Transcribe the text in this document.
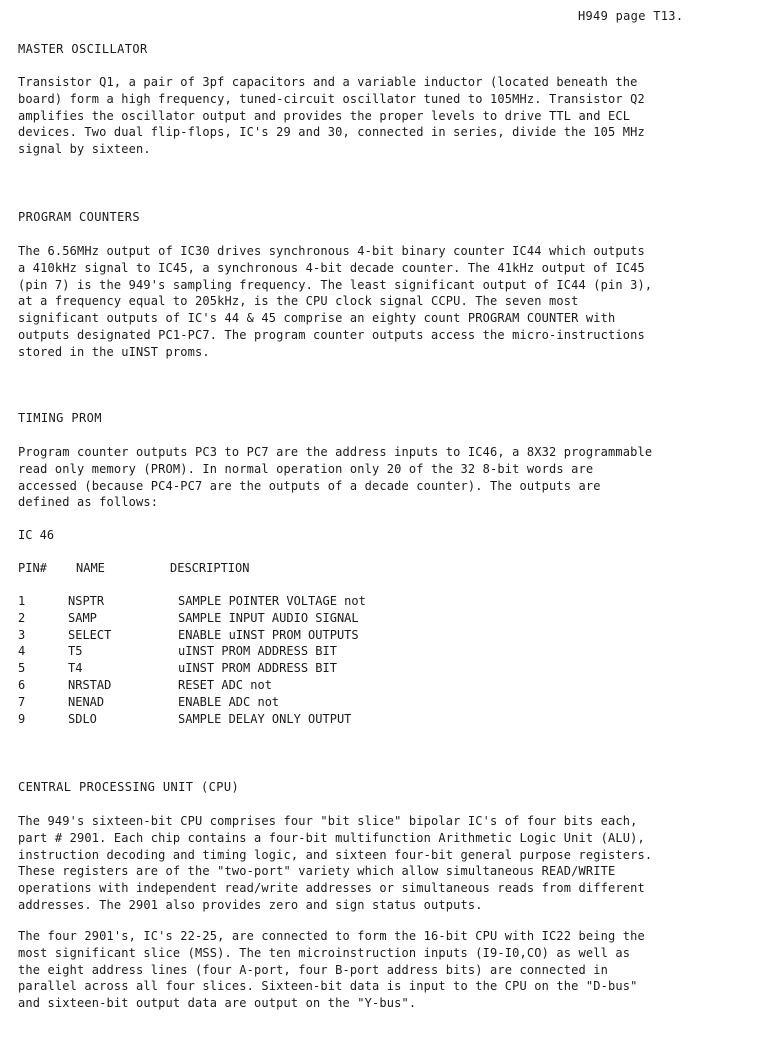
H949 page T13.
MASTER OSCILLATOR

Transistor Q1, a pair of 3pf capacitors and a variable inductor (located beneath the
board) form a high frequency, tuned-circuit oscillator tuned to 105MHz. Transistor Q2
amplifies the oscillator output and provides the proper levels to drive TTL and ECL
devices. Two dual flip-flops, IC's 29 and 30, connected in series, divide the 105 MHz
signal by sixteen.

PROGRAM COUNTERS

The 6.56MHz output of IC30 drives synchronous 4-bit binary counter IC44 which outputs
a 410kHz signal to IC45, a synchronous 4-bit decade counter. The 41kHz output of IC45
(pin 7) is the 949's sampling frequency. The least significant output of IC44 (pin 3),
at a frequency equal to 205kHz, is the CPU clock signal CCPU. The seven most
significant outputs of IC's 44 & 45 comprise an eighty count PROGRAM COUNTER with
outputs designated PC1-PC7. The program counter outputs access the micro-instructions
stored in the uINST proms.

TIMING PROM

Program counter outputs PC3 to PC7 are the address inputs to IC46, a 8X32 programmable
read only memory (PROM). In normal operation only 20 of the 32 8-bit words are
accessed (because PC4-PC7 are the outputs of a decade counter). The outputs are
defined as follows:

IC 46
PIN# NAME	DESCRIPTION
1	NSPTR	SAMPLE POINTER VOLTAGE not
2	SAMP	SAMPLE INPUT AUDIO SIGNAL
3	SELECT	ENABLE uINST PROM OUTPUTS
4	T5	uINST PROM ADDRESS BIT
5	T4	uINST PROM ADDRESS BIT
6	NRSTAD	RESET ADC not
7	NENAD	ENABLE ADC not
9	SDLO	SAMPLE DELAY ONLY OUTPUT
CENTRAL PROCESSING UNIT (CPU)

The 949's sixteen-bit CPU comprises four "bit slice" bipolar IC's of four bits each,
part # 2901. Each chip contains a four-bit multifunction Arithmetic Logic Unit (ALU),
instruction decoding and timing logic, and sixteen four-bit general purpose registers.
These registers are of the "two-port" variety which allow simultaneous READ/WRITE
operations with independent read/write addresses or simultaneous reads from different
addresses. The 2901 also provides zero and sign status outputs.

The four 2901's, IC's 22-25, are connected to form the 16-bit CPU with IC22 being the
most significant slice (MSS). The ten microinstruction inputs (I9-I0,CO) as well as
the eight address lines (four A-port, four B-port address bits) are connected in
parallel across all four slices. Sixteen-bit data is input to the CPU on the "D-bus"
and sixteen-bit output data are output on the "Y-bus".
